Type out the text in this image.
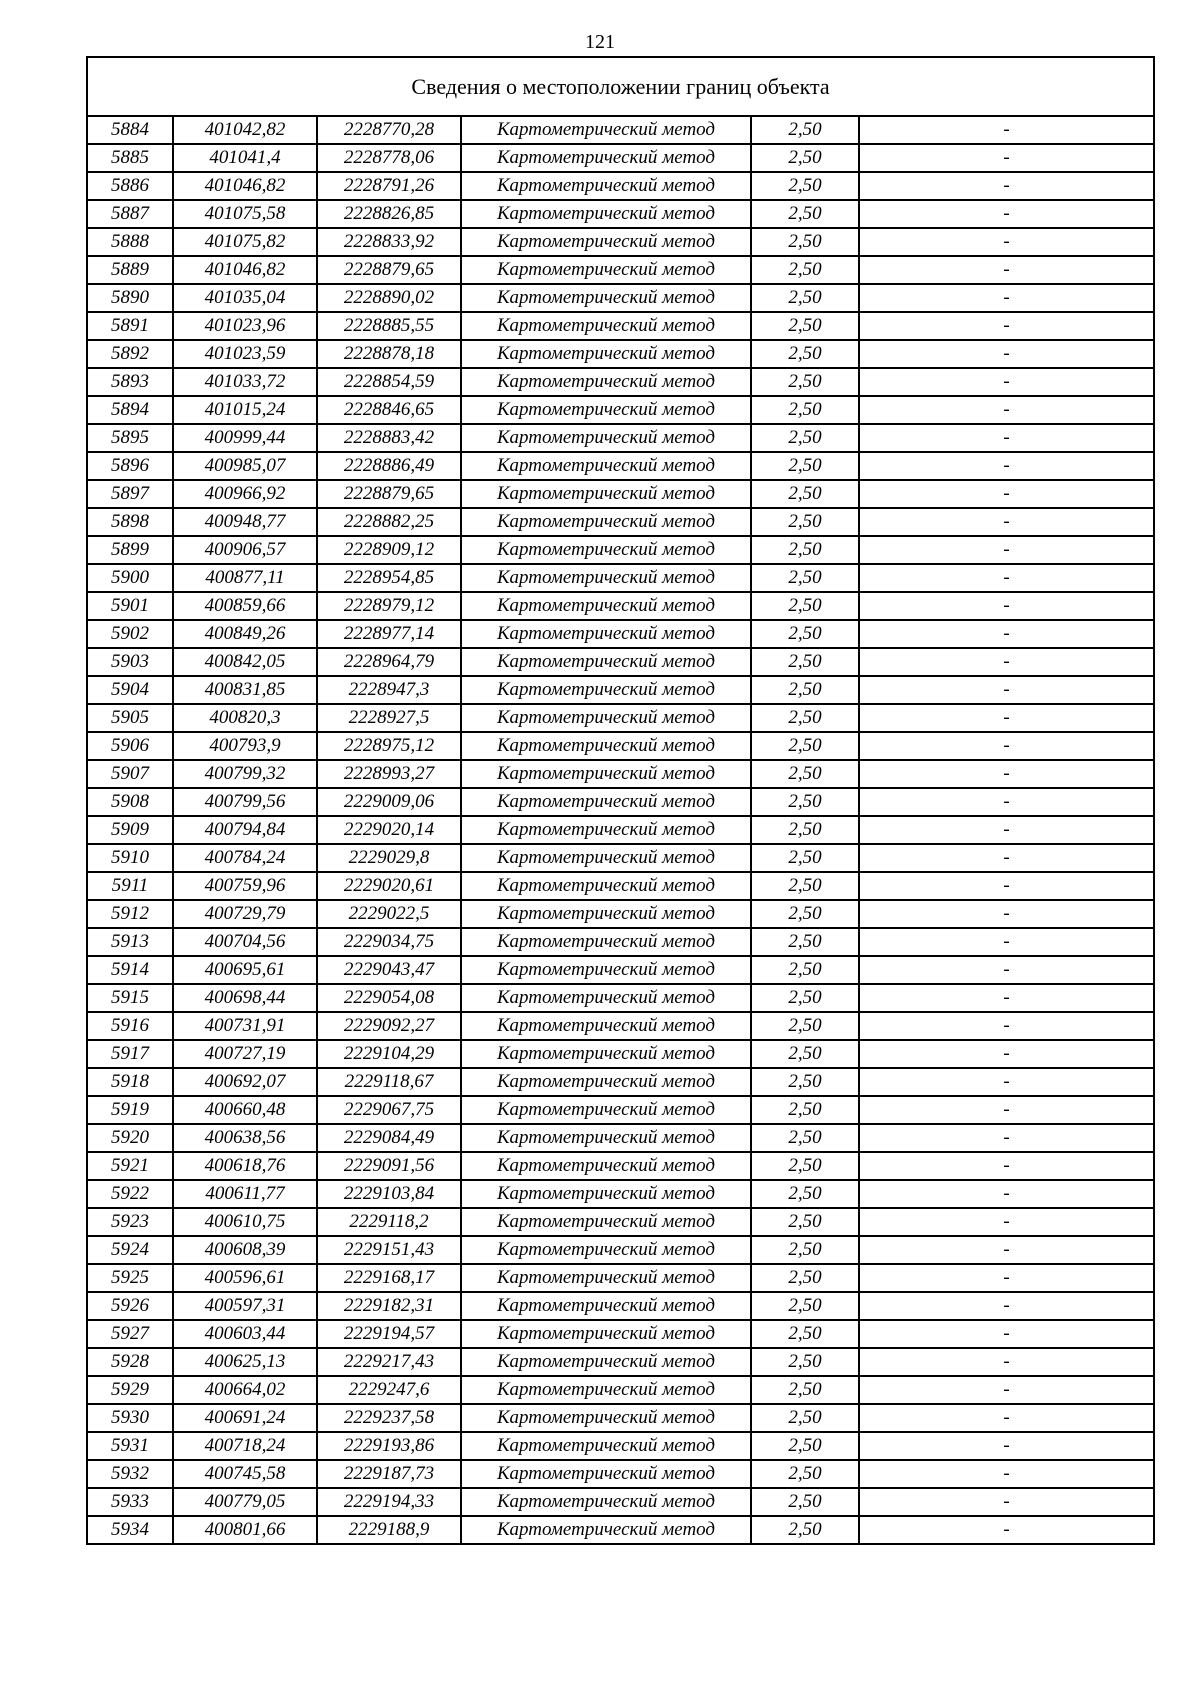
121
Сведения о местоположении границ объекта					
5884	401042,82	2228770,28	Картометрический метод	2,50	-
5885	401041,4	2228778,06	Картометрический метод	2,50	-
5886	401046,82	2228791,26	Картометрический метод	2,50	-
5887	401075,58	2228826,85	Картометрический метод	2,50	-
5888	401075,82	2228833,92	Картометрический метод	2,50	-
5889	401046,82	2228879,65	Картометрический метод	2,50	-
5890	401035,04	2228890,02	Картометрический метод	2,50	-
5891	401023,96	2228885,55	Картометрический метод	2,50	-
5892	401023,59	2228878,18	Картометрический метод	2,50	-
5893	401033,72	2228854,59	Картометрический метод	2,50	-
5894	401015,24	2228846,65	Картометрический метод	2,50	-
5895	400999,44	2228883,42	Картометрический метод	2,50	-
5896	400985,07	2228886,49	Картометрический метод	2,50	-
5897	400966,92	2228879,65	Картометрический метод	2,50	-
5898	400948,77	2228882,25	Картометрический метод	2,50	-
5899	400906,57	2228909,12	Картометрический метод	2,50	-
5900	400877,11	2228954,85	Картометрический метод	2,50	-
5901	400859,66	2228979,12	Картометрический метод	2,50	-
5902	400849,26	2228977,14	Картометрический метод	2,50	-
5903	400842,05	2228964,79	Картометрический метод	2,50	-
5904	400831,85	2228947,3	Картометрический метод	2,50	-
5905	400820,3	2228927,5	Картометрический метод	2,50	-
5906	400793,9	2228975,12	Картометрический метод	2,50	-
5907	400799,32	2228993,27	Картометрический метод	2,50	-
5908	400799,56	2229009,06	Картометрический метод	2,50	-
5909	400794,84	2229020,14	Картометрический метод	2,50	-
5910	400784,24	2229029,8	Картометрический метод	2,50	-
5911	400759,96	2229020,61	Картометрический метод	2,50	-
5912	400729,79	2229022,5	Картометрический метод	2,50	-
5913	400704,56	2229034,75	Картометрический метод	2,50	-
5914	400695,61	2229043,47	Картометрический метод	2,50	-
5915	400698,44	2229054,08	Картометрический метод	2,50	-
5916	400731,91	2229092,27	Картометрический метод	2,50	-
5917	400727,19	2229104,29	Картометрический метод	2,50	-
5918	400692,07	2229118,67	Картометрический метод	2,50	-
5919	400660,48	2229067,75	Картометрический метод	2,50	-
5920	400638,56	2229084,49	Картометрический метод	2,50	-
5921	400618,76	2229091,56	Картометрический метод	2,50	-
5922	400611,77	2229103,84	Картометрический метод	2,50	-
5923	400610,75	2229118,2	Картометрический метод	2,50	-
5924	400608,39	2229151,43	Картометрический метод	2,50	-
5925	400596,61	2229168,17	Картометрический метод	2,50	-
5926	400597,31	2229182,31	Картометрический метод	2,50	-
5927	400603,44	2229194,57	Картометрический метод	2,50	-
5928	400625,13	2229217,43	Картометрический метод	2,50	-
5929	400664,02	2229247,6	Картометрический метод	2,50	-
5930	400691,24	2229237,58	Картометрический метод	2,50	-
5931	400718,24	2229193,86	Картометрический метод	2,50	-
5932	400745,58	2229187,73	Картометрический метод	2,50	-
5933	400779,05	2229194,33	Картометрический метод	2,50	-
5934	400801,66	2229188,9	Картометрический метод	2,50	-
